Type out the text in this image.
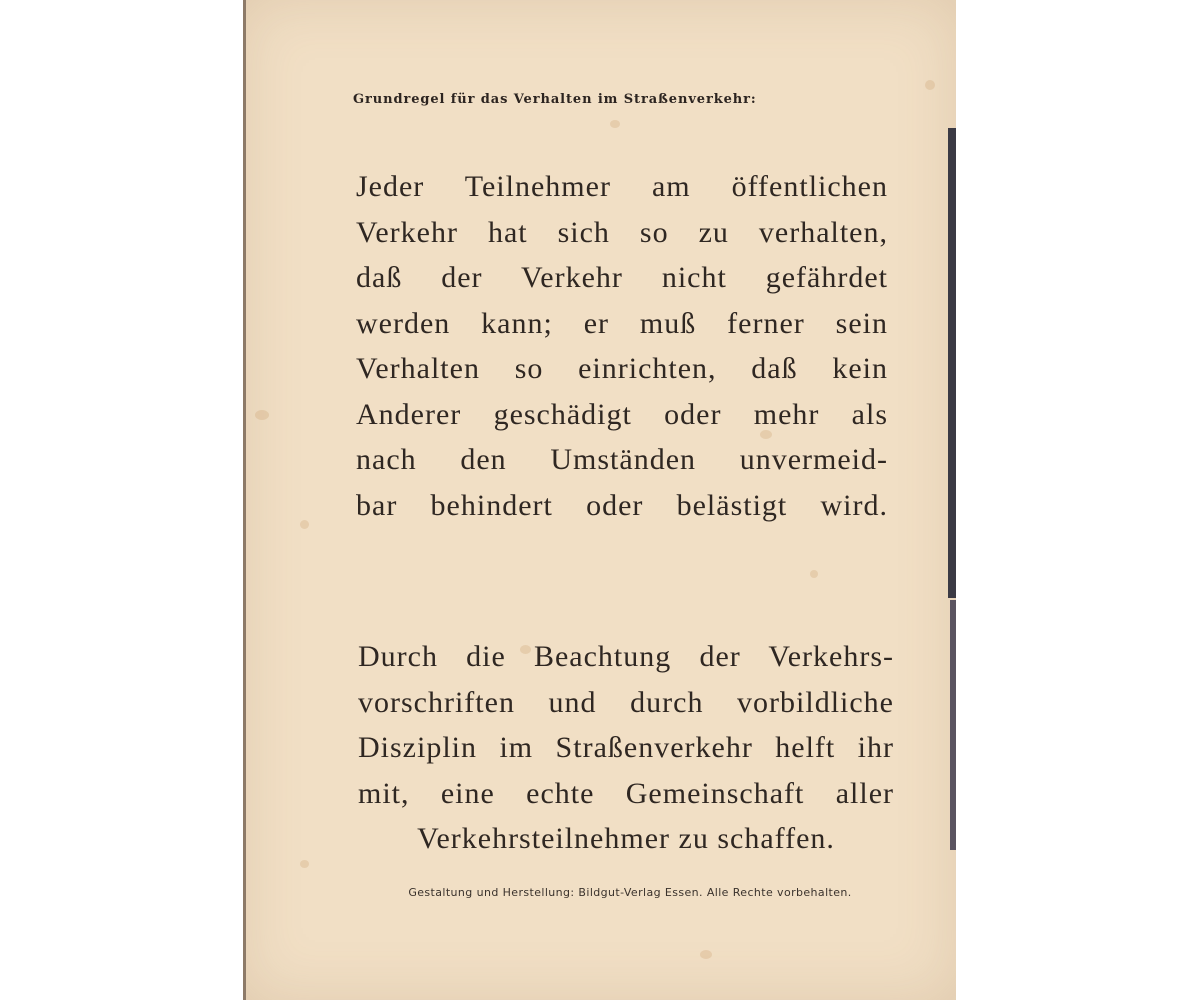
Grundregel für das Verhalten im Straßenverkehr:
Jeder Teilnehmer am öffentlichen
Verkehr hat sich so zu verhalten,
daß der Verkehr nicht gefährdet
werden kann; er muß ferner sein
Verhalten so einrichten, daß kein
Anderer geschädigt oder mehr als
nach den Umständen unvermeid-
bar behindert oder belästigt wird.
Durch die Beachtung der Verkehrs-
vorschriften und durch vorbildliche
Disziplin im Straßenverkehr helft ihr
mit, eine echte Gemeinschaft aller
Verkehrsteilnehmer zu schaffen.
Gestaltung und Herstellung: Bildgut-Verlag Essen. Alle Rechte vorbehalten.
